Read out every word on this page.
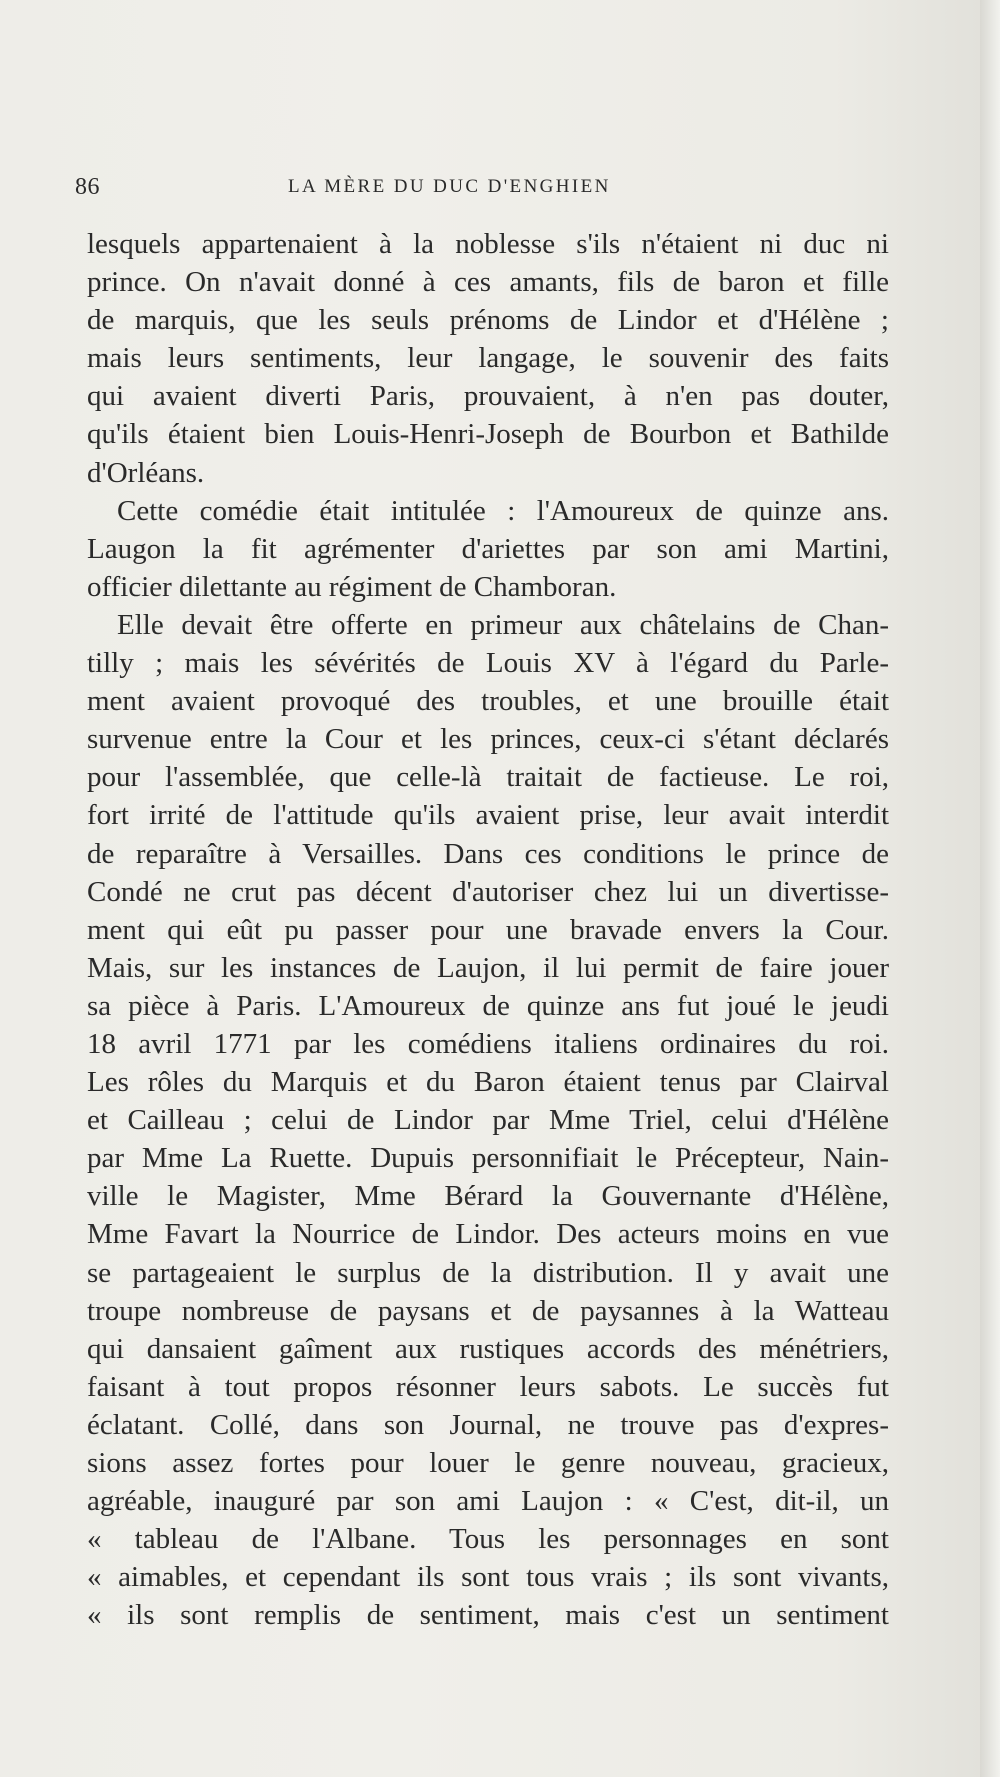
86	LA MÈRE DU DUC D'ENGHIEN
lesquels appartenaient à la noblesse s'ils n'étaient ni duc ni
prince. On n'avait donné à ces amants, fils de baron et fille
de marquis, que les seuls prénoms de Lindor et d'Hélène ;
mais leurs sentiments, leur langage, le souvenir des faits
qui avaient diverti Paris, prouvaient, à n'en pas douter,
qu'ils étaient bien Louis-Henri-Joseph de Bourbon et Bathilde
d'Orléans.
Cette comédie était intitulée : l'Amoureux de quinze ans.
Laugon la fit agrémenter d'ariettes par son ami Martini,
officier dilettante au régiment de Chamboran.
Elle devait être offerte en primeur aux châtelains de Chan-
tilly ; mais les sévérités de Louis XV à l'égard du Parle-
ment avaient provoqué des troubles, et une brouille était
survenue entre la Cour et les princes, ceux-ci s'étant déclarés
pour l'assemblée, que celle-là traitait de factieuse. Le roi,
fort irrité de l'attitude qu'ils avaient prise, leur avait interdit
de reparaître à Versailles. Dans ces conditions le prince de
Condé ne crut pas décent d'autoriser chez lui un divertisse-
ment qui eût pu passer pour une bravade envers la Cour.
Mais, sur les instances de Laujon, il lui permit de faire jouer
sa pièce à Paris. L'Amoureux de quinze ans fut joué le jeudi
18 avril 1771 par les comédiens italiens ordinaires du roi.
Les rôles du Marquis et du Baron étaient tenus par Clairval
et Cailleau ; celui de Lindor par Mme Triel, celui d'Hélène
par Mme La Ruette. Dupuis personnifiait le Précepteur, Nain-
ville le Magister, Mme Bérard la Gouvernante d'Hélène,
Mme Favart la Nourrice de Lindor. Des acteurs moins en vue
se partageaient le surplus de la distribution. Il y avait une
troupe nombreuse de paysans et de paysannes à la Watteau
qui dansaient gaîment aux rustiques accords des ménétriers,
faisant à tout propos résonner leurs sabots. Le succès fut
éclatant. Collé, dans son Journal, ne trouve pas d'expres-
sions assez fortes pour louer le genre nouveau, gracieux,
agréable, inauguré par son ami Laujon : « C'est, dit-il, un
« tableau de l'Albane. Tous les personnages en sont
« aimables, et cependant ils sont tous vrais ; ils sont vivants,
« ils sont remplis de sentiment, mais c'est un sentiment
